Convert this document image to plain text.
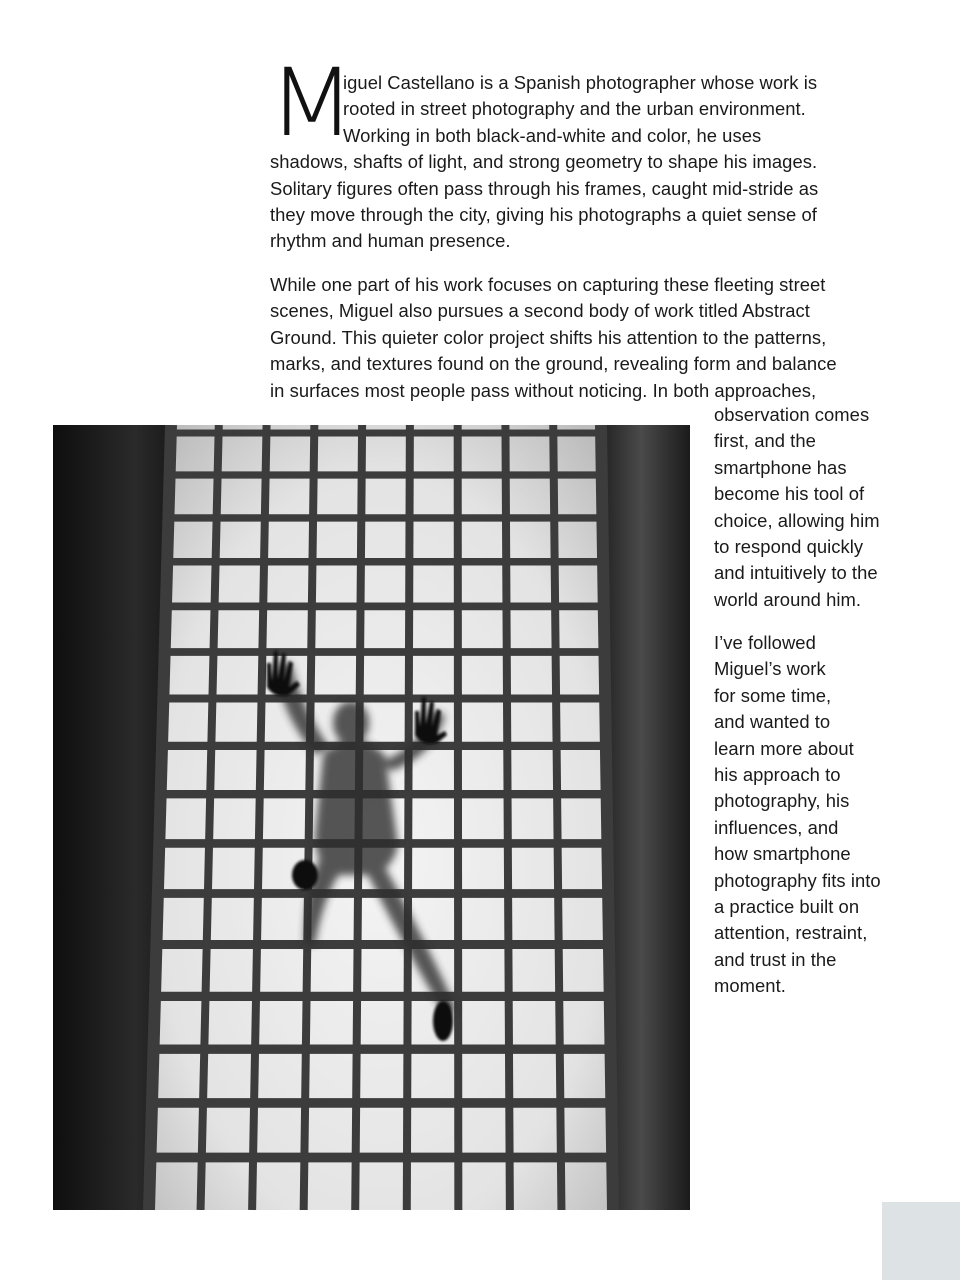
M

iguel Castellano is a Spanish photographer whose work is
rooted in street photography and the urban environment.
Working in both black-and-white and color, he uses
shadows, shafts of light, and strong geometry to shape his images.
Solitary figures often pass through his frames, caught mid-stride as
they move through the city, giving his photographs a quiet sense of
rhythm and human presence.

While one part of his work focuses on capturing these fleeting street
scenes, Miguel also pursues a second body of work titled Abstract
Ground. This quieter color project shifts his attention to the patterns,
marks, and textures found on the ground, revealing form and balance
in surfaces most people pass without noticing. In both approaches,

observation comes
first, and the
smartphone has
become his tool of
choice, allowing him
to respond quickly
and intuitively to the
world around him.

I’ve followed
Miguel’s work
for some time,
and wanted to
learn more about
his approach to
photography, his
influences, and
how smartphone
photography fits into
a practice built on
attention, restraint,
and trust in the
moment.
